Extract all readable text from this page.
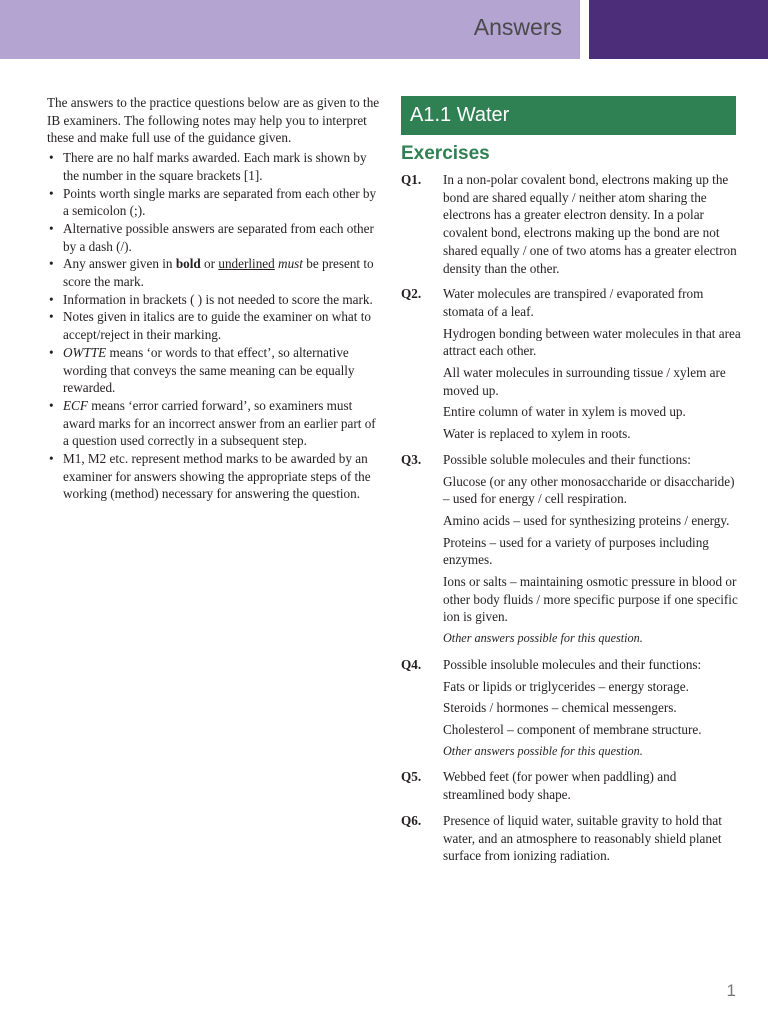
Answers

The answers to the practice questions below are as given to the IB examiners. The following notes may help you to interpret these and make full use of the guidance given.

• There are no half marks awarded. Each mark is shown by the number in the square brackets [1].
• Points worth single marks are separated from each other by a semicolon (;).
• Alternative possible answers are separated from each other by a dash (/).
• Any answer given in bold or underlined must be present to score the mark.
• Information in brackets ( ) is not needed to score the mark.
• Notes given in italics are to guide the examiner on what to accept/reject in their marking.
• OWTTE means ‘or words to that effect’, so alternative wording that conveys the same meaning can be equally rewarded.
• ECF means ‘error carried forward’, so examiners must award marks for an incorrect answer from an earlier part of a question used correctly in a subsequent step.
• M1, M2 etc. represent method marks to be awarded by an examiner for answers showing the appropriate steps of the working (method) necessary for answering the question.
A1.1 Water
Exercises
Q1. In a non-polar covalent bond, electrons making up the bond are shared equally / neither atom sharing the electrons has a greater electron density. In a polar covalent bond, electrons making up the bond are not shared equally / one of two atoms has a greater electron density than the other.

Q2. Water molecules are transpired / evaporated from stomata of a leaf.

Hydrogen bonding between water molecules in that area attract each other.

All water molecules in surrounding tissue / xylem are moved up.

Entire column of water in xylem is moved up.

Water is replaced to xylem in roots.

Q3. Possible soluble molecules and their functions:

Glucose (or any other monosaccharide or disaccharide) – used for energy / cell respiration.

Amino acids – used for synthesizing proteins / energy.

Proteins – used for a variety of purposes including enzymes.

Ions or salts – maintaining osmotic pressure in blood or other body fluids / more specific purpose if one specific ion is given.

Other answers possible for this question.

Q4. Possible insoluble molecules and their functions:

Fats or lipids or triglycerides – energy storage.

Steroids / hormones – chemical messengers.

Cholesterol – component of membrane structure.

Other answers possible for this question.

Q5. Webbed feet (for power when paddling) and streamlined body shape.

Q6. Presence of liquid water, suitable gravity to hold that water, and an atmosphere to reasonably shield planet surface from ionizing radiation.

1
